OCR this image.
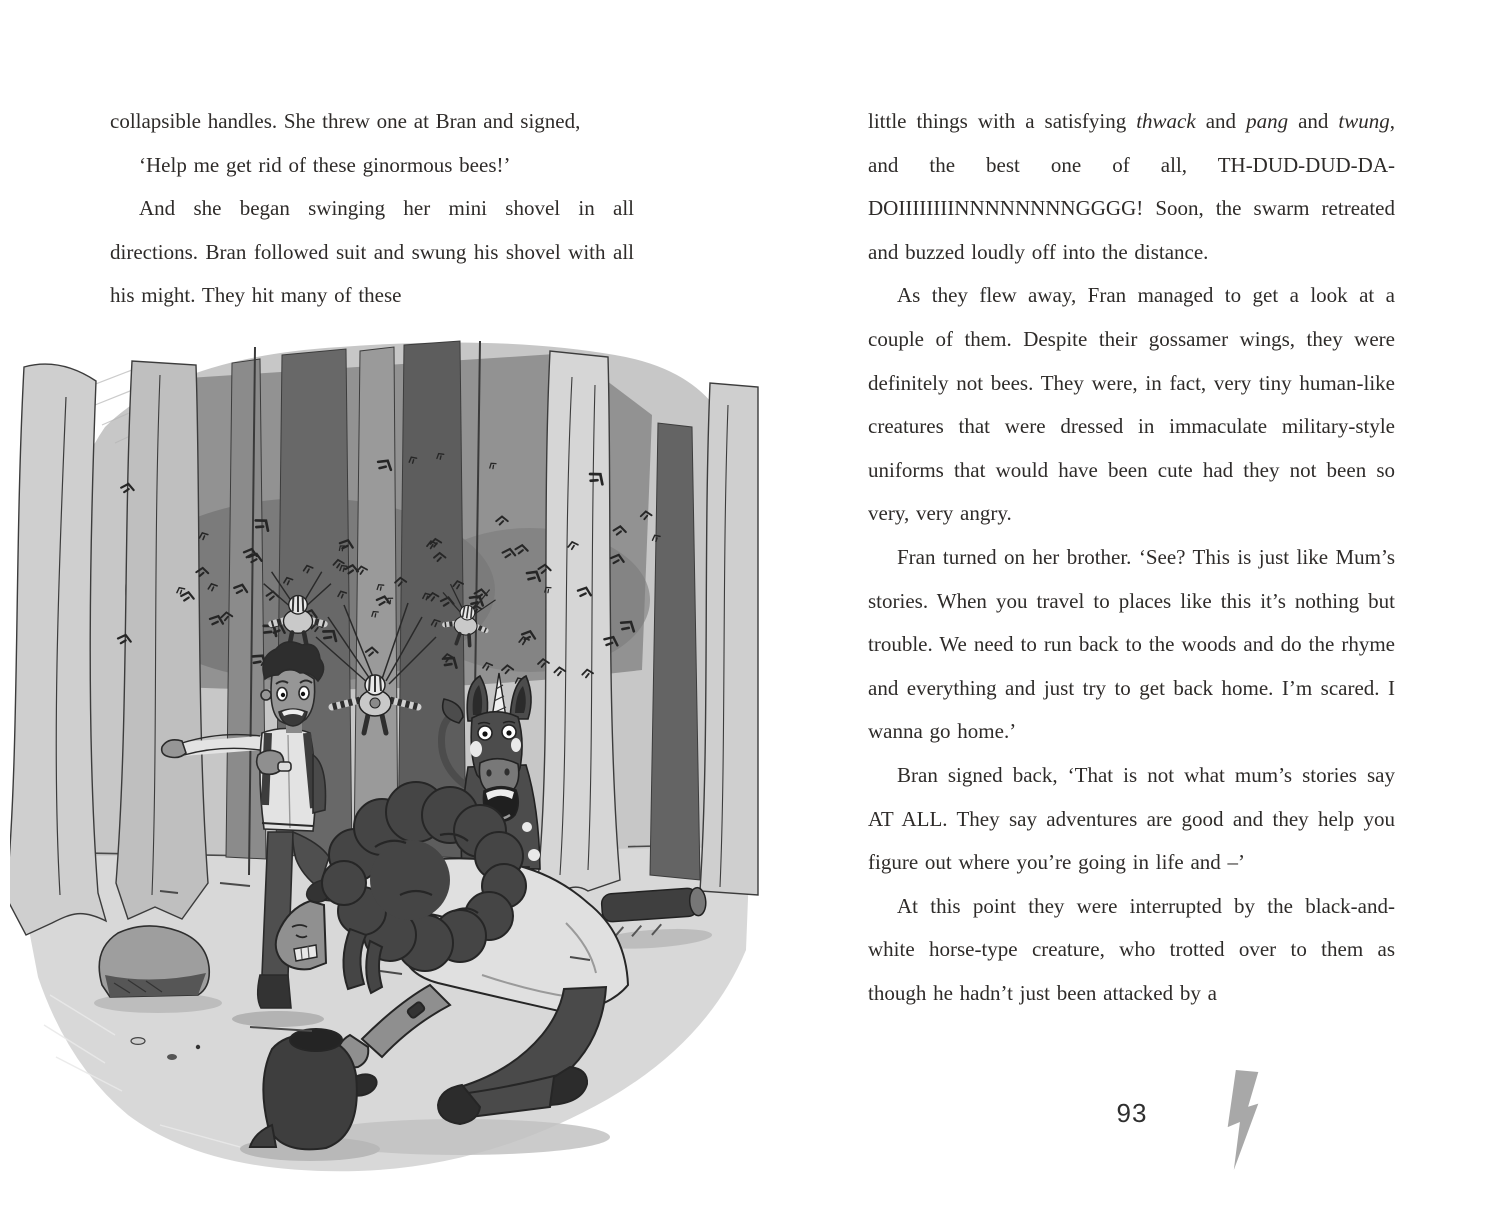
collapsible handles. She threw one at Bran and signed,

‘Help me get rid of these ginormous bees!’

And she began swinging her mini shovel in all directions. Bran followed suit and swung his shovel with all his might. They hit many of these

little things with a satisfying thwack and pang and twung, and the best one of all, TH-DUD-DUD-DA-DOIIIIIIIINNNNNNNNGGGG! Soon, the swarm retreated and buzzed loudly off into the distance.

As they flew away, Fran managed to get a look at a couple of them. Despite their gossamer wings, they were definitely not bees. They were, in fact, very tiny human-like creatures that were dressed in immaculate military-style uniforms that would have been cute had they not been so very, very angry.

Fran turned on her brother. ‘See? This is just like Mum’s stories. When you travel to places like this it’s nothing but trouble. We need to run back to the woods and do the rhyme and everything and just try to get back home. I’m scared. I wanna go home.’

Bran signed back, ‘That is not what mum’s stories say AT ALL. They say adventures are good and they help you figure out where you’re going in life and –’

At this point they were interrupted by the black-and-white horse-type creature, who trotted over to them as though he hadn’t just been attacked by a

93
